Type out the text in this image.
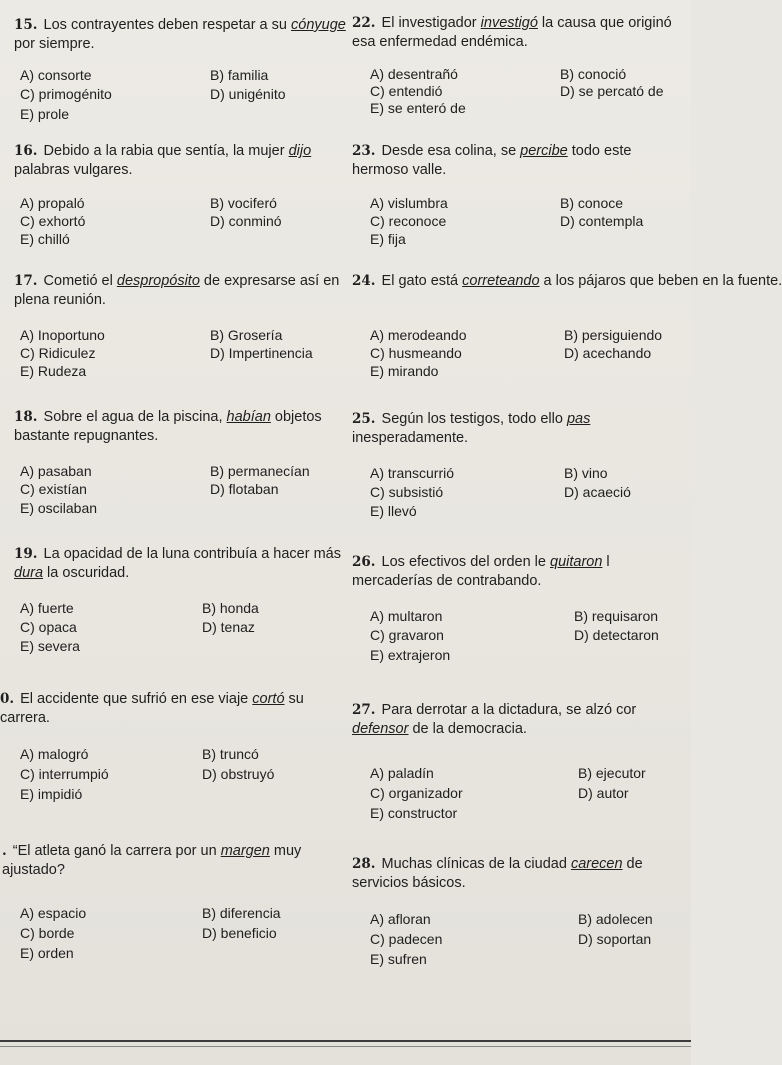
15. Los contrayentes deben respetar a su cónyuge por siempre.

A) consorte	B) familia
C) primogénito	D) unigénito
E) prole

16. Debido a la rabia que sentía, la mujer dijo palabras vulgares.

A) propaló	B) vociferó
C) exhortó	D) conminó
E) chilló

17. Cometió el despropósito de expresarse así en plena reunión.

A) Inoportuno	B) Grosería
C) Ridiculez	D) Impertinencia
E) Rudeza

18. Sobre el agua de la piscina, habían objetos bastante repugnantes.

A) pasaban	B) permanecían
C) existían	D) flotaban
E) oscilaban

19. La opacidad de la luna contribuía a hacer más dura la oscuridad.

A) fuerte	B) honda
C) opaca	D) tenaz
E) severa

0. El accidente que sufrió en ese viaje cortó su carrera.

A) malogró	B) truncó
C) interrumpió	D) obstruyó
E) impidió

. “El atleta ganó la carrera por un margen muy ajustado?

A) espacio	B) diferencia
C) borde	D) beneficio
E) orden

22. El investigador investigó la causa que originó esa enfermedad endémica.

A) desentrañó	B) conoció
C) entendió	D) se percató de
E) se enteró de

23. Desde esa colina, se percibe todo este hermoso valle.

A) vislumbra	B) conoce
C) reconoce	D) contempla
E) fija

24. El gato está correteando a los pájaros que beben en la fuente.

A) merodeando	B) persiguiendo
C) husmeando	D) acechando
E) mirando

25. Según los testigos, todo ello pas inesperadamente.

A) transcurrió	B) vino
C) subsistió	D) acaeció
E) llevó

26. Los efectivos del orden le quitaron l mercaderías de contrabando.

A) multaron	B) requisaron
C) gravaron	D) detectaron
E) extrajeron

27. Para derrotar a la dictadura, se alzó cor defensor de la democracia.

A) paladín	B) ejecutor
C) organizador	D) autor
E) constructor

28. Muchas clínicas de la ciudad carecen de servicios básicos.

A) afloran	B) adolecen
C) padecen	D) soportan
E) sufren
